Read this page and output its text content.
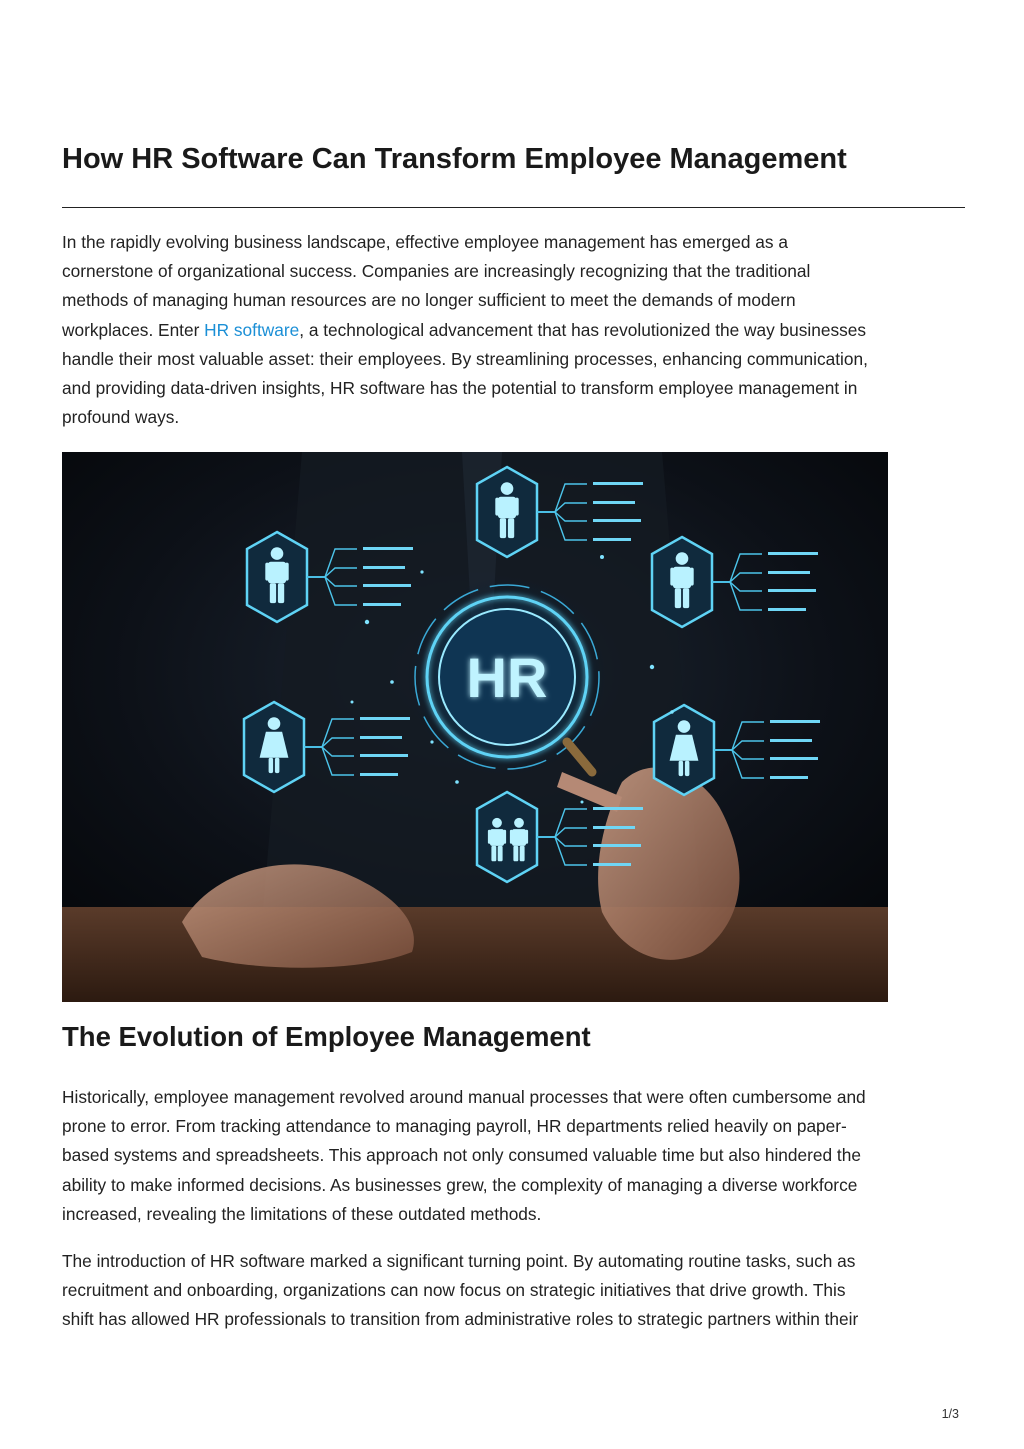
How HR Software Can Transform Employee Management

In the rapidly evolving business landscape, effective employee management has emerged as a
cornerstone of organizational success. Companies are increasingly recognizing that the traditional
methods of managing human resources are no longer sufficient to meet the demands of modern
workplaces. Enter HR software, a technological advancement that has revolutionized the way businesses
handle their most valuable asset: their employees. By streamlining processes, enhancing communication,
and providing data-driven insights, HR software has the potential to transform employee management in
profound ways.

HR
The Evolution of Employee Management

Historically, employee management revolved around manual processes that were often cumbersome and
prone to error. From tracking attendance to managing payroll, HR departments relied heavily on paper-
based systems and spreadsheets. This approach not only consumed valuable time but also hindered the
ability to make informed decisions. As businesses grew, the complexity of managing a diverse workforce
increased, revealing the limitations of these outdated methods.

The introduction of HR software marked a significant turning point. By automating routine tasks, such as
recruitment and onboarding, organizations can now focus on strategic initiatives that drive growth. This
shift has allowed HR professionals to transition from administrative roles to strategic partners within their

1/3
